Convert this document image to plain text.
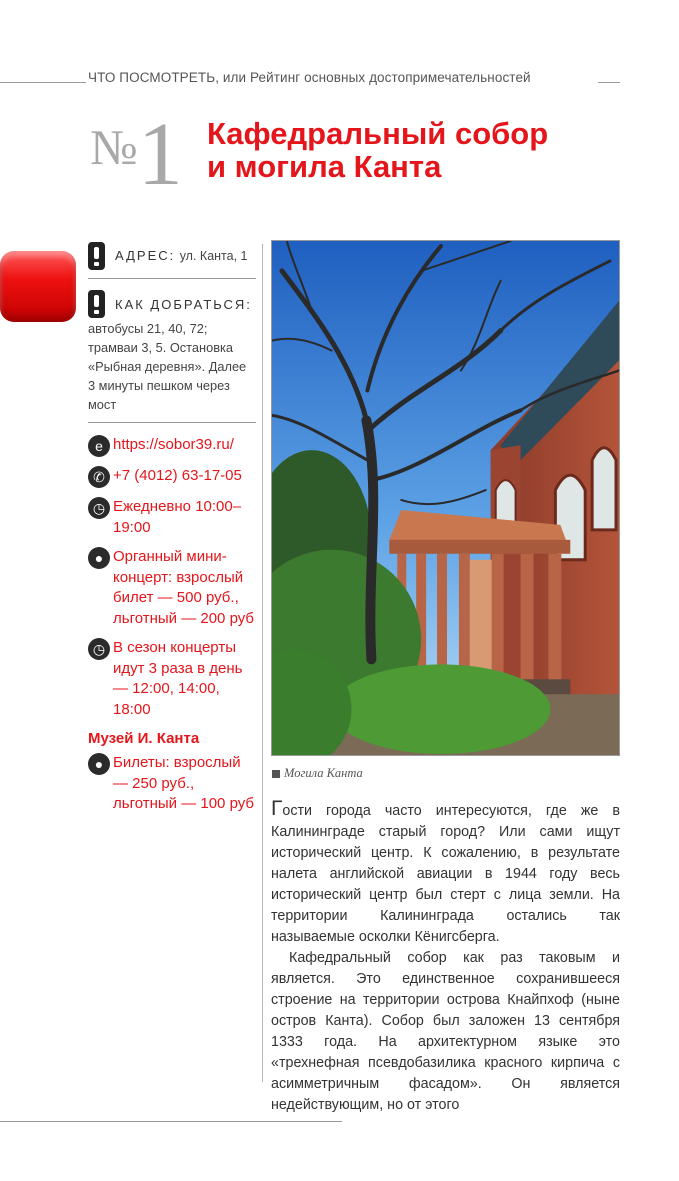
ЧТО ПОСМОТРЕТЬ, или Рейтинг основных достопримечательностей
№1 Кафедральный собор
и могила Канта
АДРЕС: ул. Канта, 1
КАК ДОБРАТЬСЯ:
автобусы 21, 40, 72; трамваи 3, 5. Остановка «Рыбная деревня». Далее 3 минуты пешком через мост
e https://sobor39.ru/
✆ +7 (4012) 63-17-05
◷ Ежедневно 10:00–19:00
● Органный мини-концерт: взрослый билет — 500 руб., льготный — 200 руб
◷ В сезон концерты идут 3 раза в день — 12:00, 14:00, 18:00
Музей И. Канта
● Билеты: взрослый — 250 руб., льготный — 100 руб
Могила Канта

Гости города часто интересуются, где же в Калининграде старый город? Или сами ищут исторический центр. К сожалению, в результате налета английской авиации в 1944 году весь исторический центр был стерт с лица земли. На территории Калининграда остались так называемые осколки Кёнигсберга.

Кафедральный собор как раз таковым и является. Это единственное сохранившееся строение на территории острова Кнайпхоф (ныне остров Канта). Собор был заложен 13 сентября 1333 года. На архитектурном языке это «трехнефная псевдобазилика красного кирпича с асимметричным фасадом». Он является недействующим, но от этого
